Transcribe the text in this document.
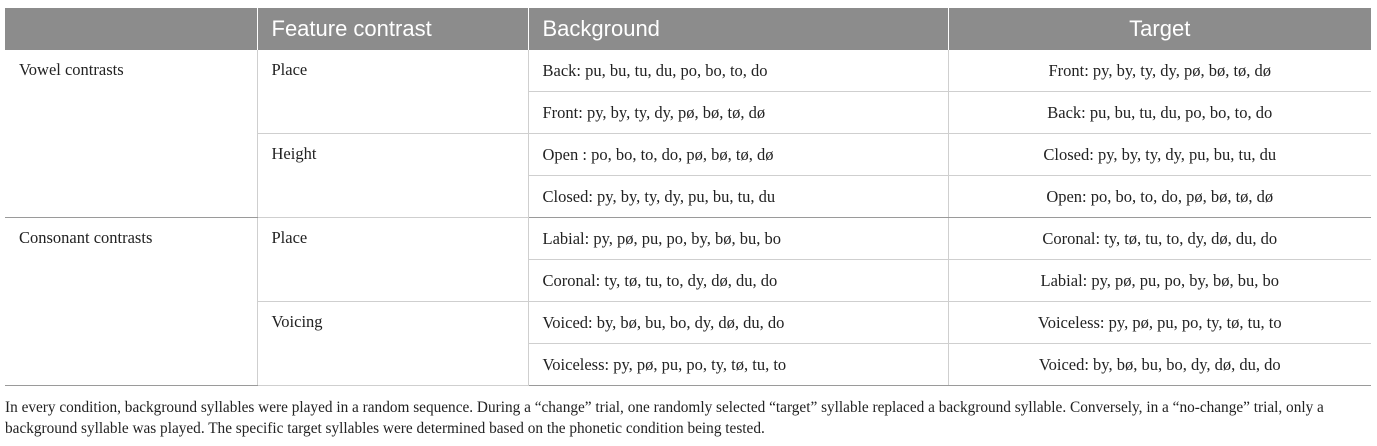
	Feature contrast	Background	Target
Vowel contrasts	Place	Back: pu, bu, tu, du, po, bo, to, do	Front: py, by, ty, dy, pø, bø, tø, dø
		Front: py, by, ty, dy, pø, bø, tø, dø	Back: pu, bu, tu, du, po, bo, to, do
	Height	Open : po, bo, to, do, pø, bø, tø, dø	Closed: py, by, ty, dy, pu, bu, tu, du
		Closed: py, by, ty, dy, pu, bu, tu, du	Open: po, bo, to, do, pø, bø, tø, dø
Consonant contrasts	Place	Labial: py, pø, pu, po, by, bø, bu, bo	Coronal: ty, tø, tu, to, dy, dø, du, do
		Coronal: ty, tø, tu, to, dy, dø, du, do	Labial: py, pø, pu, po, by, bø, bu, bo
	Voicing	Voiced: by, bø, bu, bo, dy, dø, du, do	Voiceless: py, pø, pu, po, ty, tø, tu, to
		Voiceless: py, pø, pu, po, ty, tø, tu, to	Voiced: by, bø, bu, bo, dy, dø, du, do
In every condition, background syllables were played in a random sequence. During a “change” trial, one randomly selected “target” syllable replaced a background syllable. Conversely, in a “no-change” trial, only a background syllable was played. The specific target syllables were determined based on the phonetic condition being tested.
